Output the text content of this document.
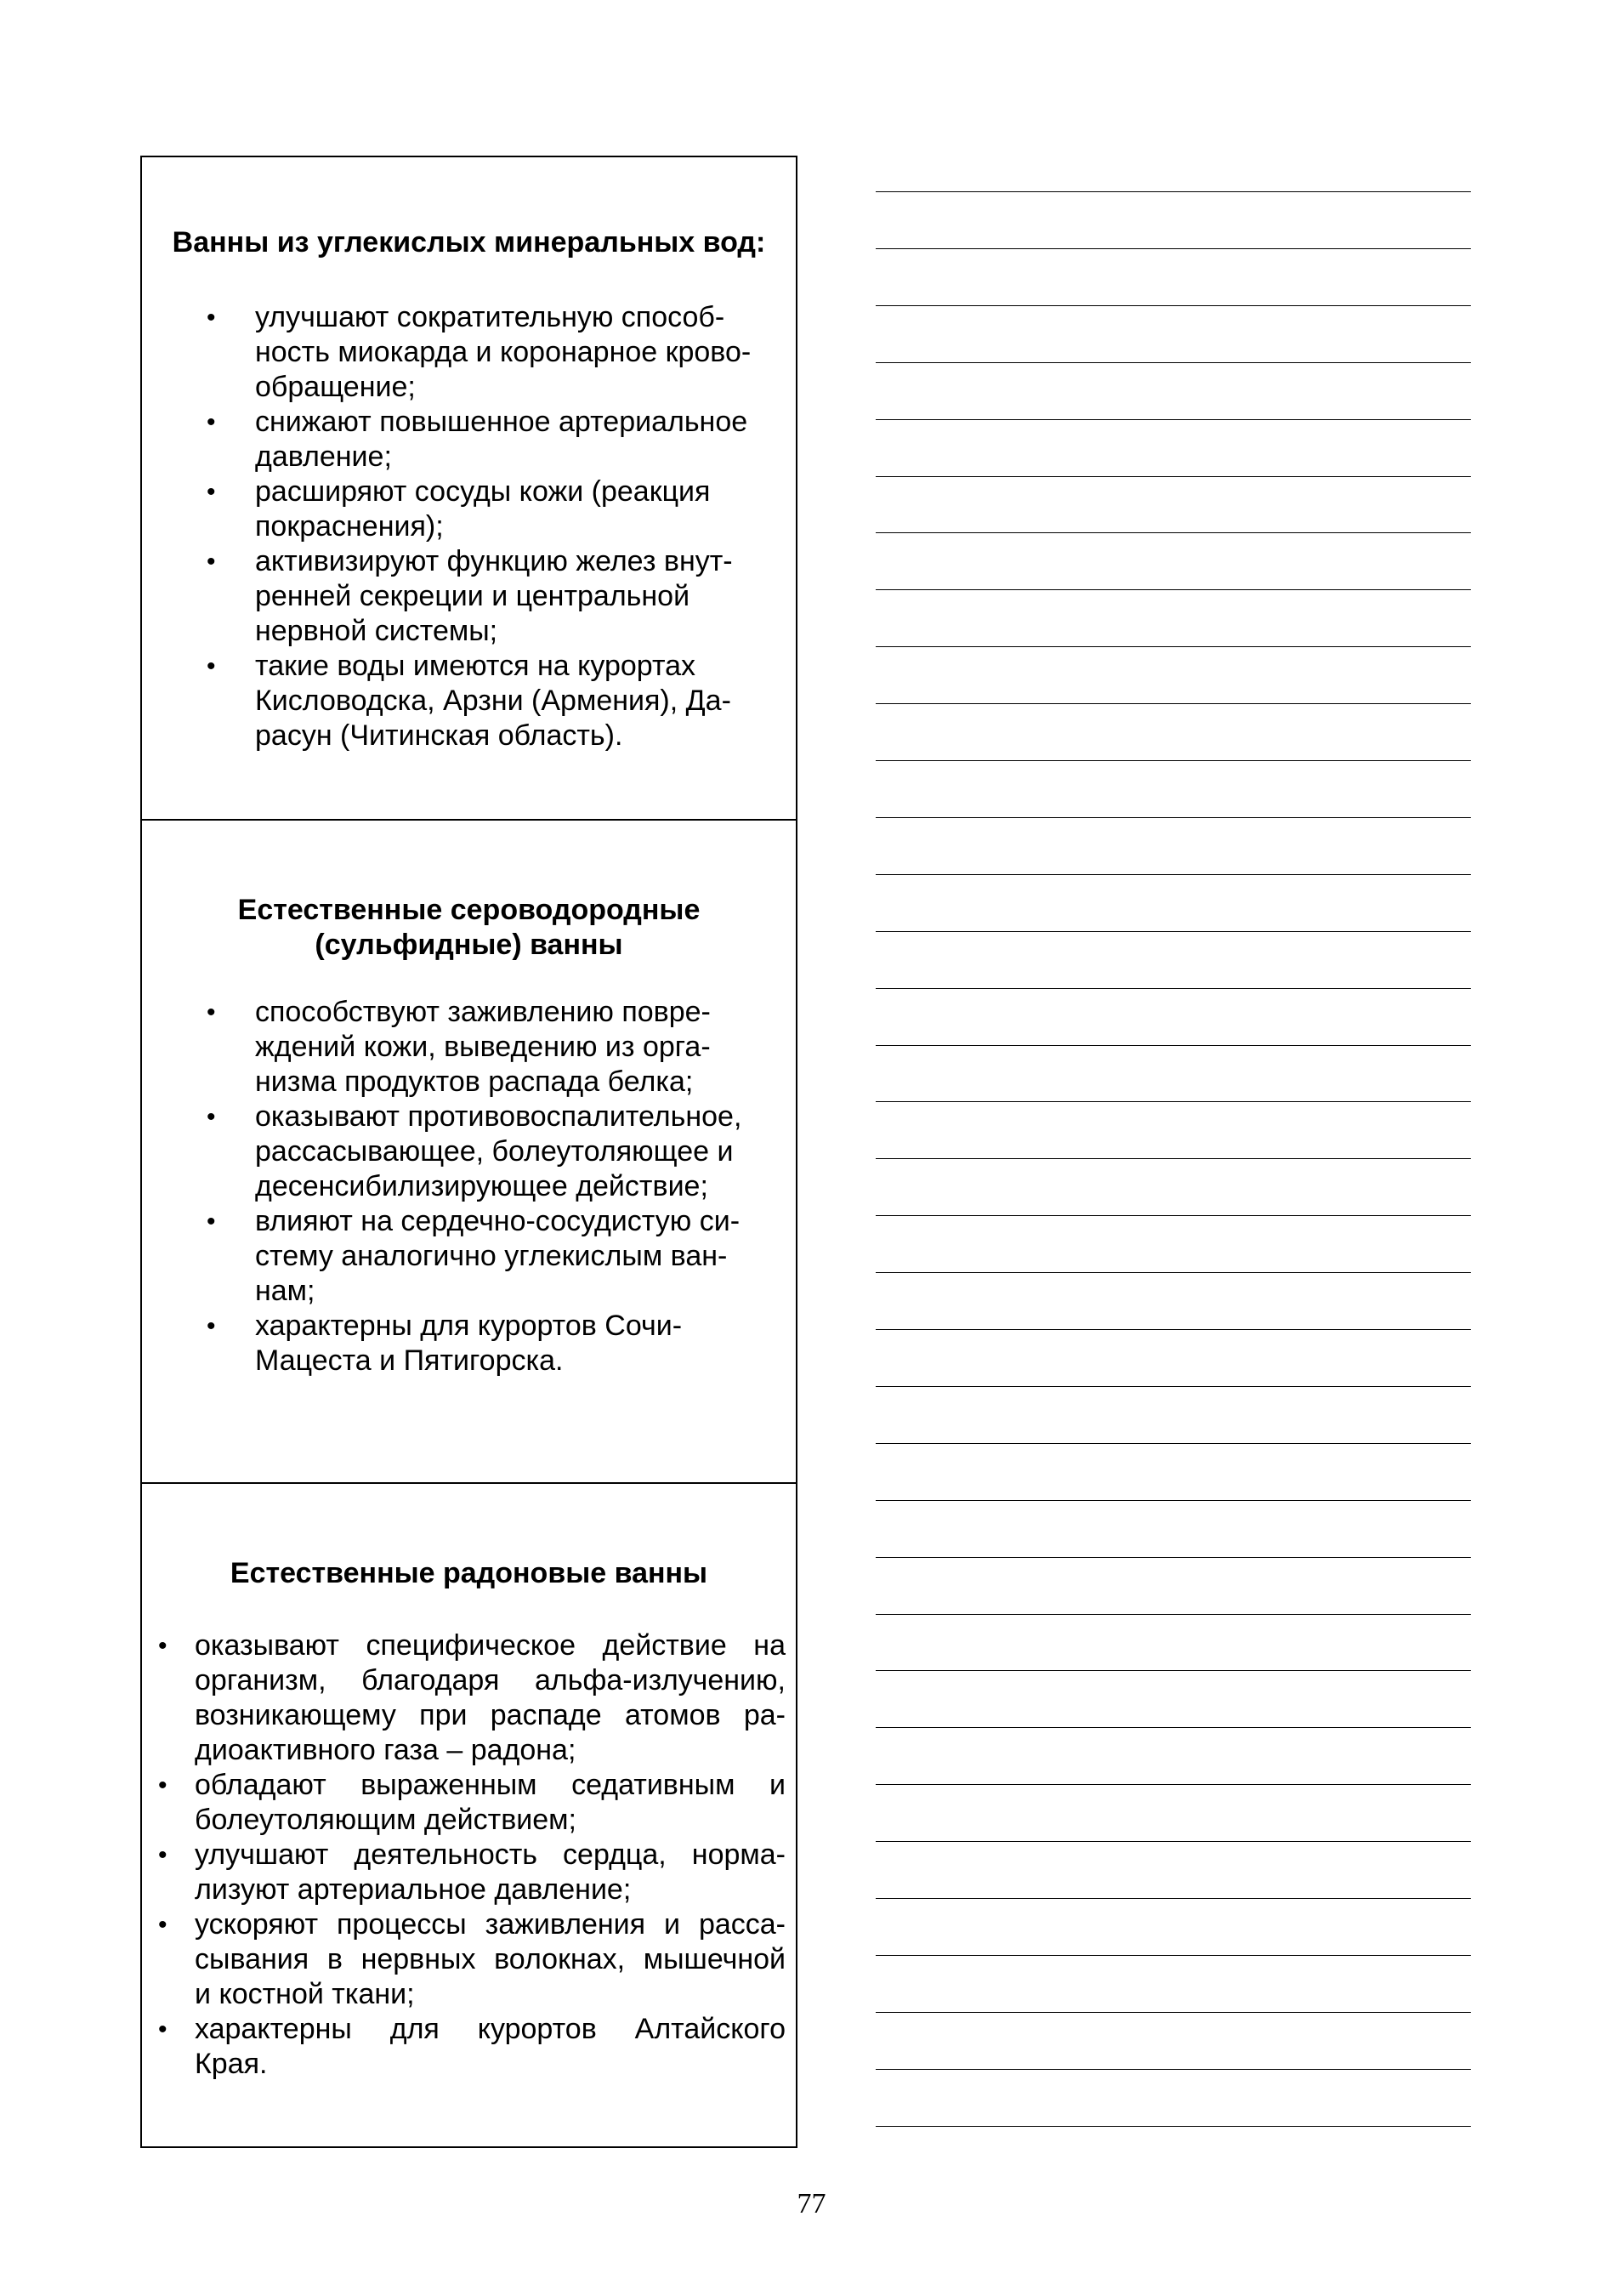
Ванны из углекислых минеральных вод:
• улучшают сократительную способ-
ность миокарда и коронарное крово-
обращение;
• снижают повышенное артериальное
давление;
• расширяют сосуды кожи (реакция
покраснения);
• активизируют функцию желез внут-
ренней секреции и центральной
нервной системы;
• такие воды имеются на курортах
Кисловодска, Арзни (Армения), Да-
расун (Читинская область).
Естественные сероводородные
(сульфидные) ванны
• способствуют заживлению повре-
ждений кожи, выведению из орга-
низма продуктов распада белка;
• оказывают противовоспалительное,
рассасывающее, болеутоляющее и
десенсибилизирующее действие;
• влияют на сердечно-сосудистую си-
стему аналогично углекислым ван-
нам;
• характерны для курортов Сочи-
Мацеста и Пятигорска.
Естественные радоновые ванны
• оказывают специфическое действие на
организм, благодаря альфа-излучению,
возникающему при распаде атомов ра-
диоактивного газа – радона;
• обладают выраженным седативным и
болеутоляющим действием;
• улучшают деятельность сердца, норма-
лизуют артериальное давление;
• ускоряют процессы заживления и расса-
сывания в нервных волокнах, мышечной
и костной ткани;
• характерны для курортов Алтайского
Края.
77
